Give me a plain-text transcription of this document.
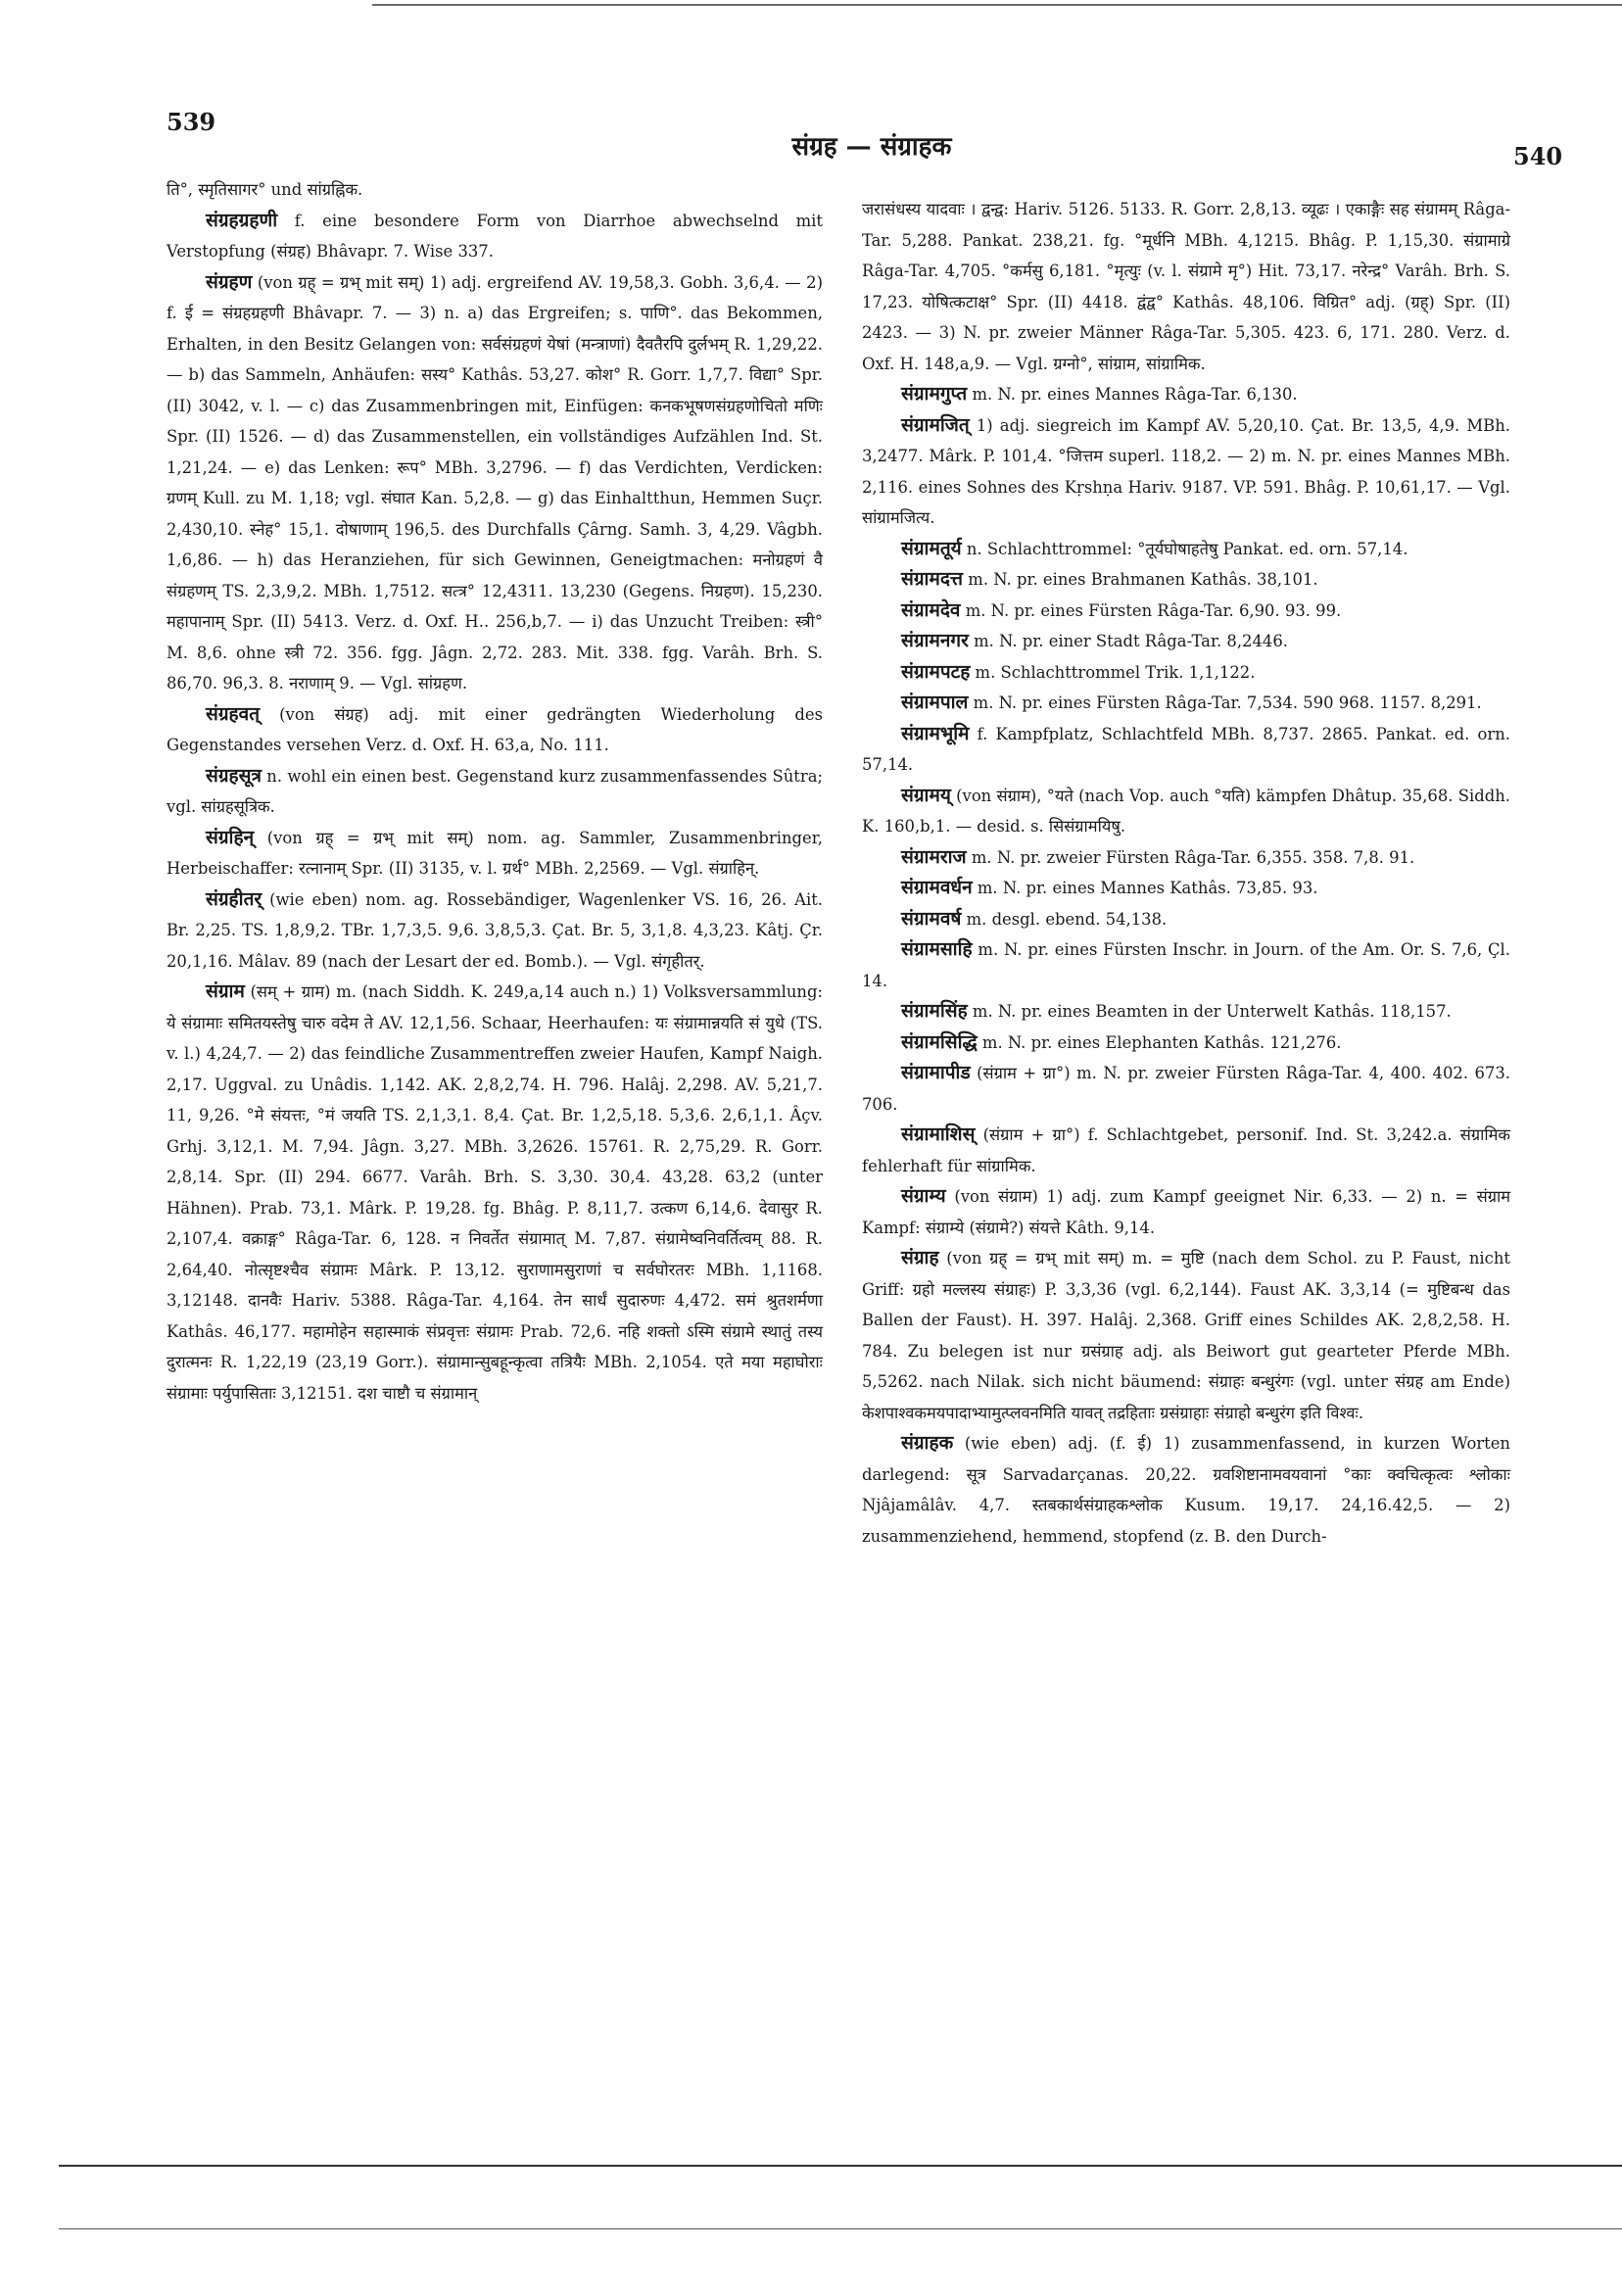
539
संग्रह — संग्राहक	540

ति°, स्मृतिसागर° und सांग्रह्निक.

संग्रहग्रहणी f. eine besondere Form von Diarrhoe abwechselnd mit Verstopfung (संग्रह) Bhâvapr. 7. Wise 337.

संग्रहण (von ग्रह् = ग्रभ् mit सम्) 1) adj. ergreifend AV. 19,58,3. Gobh. 3,6,4. — 2) f. ई = संग्रहग्रहणी Bhâvapr. 7. — 3) n. a) das Ergreifen; s. पाणि°. das Bekommen, Erhalten, in den Besitz Gelangen von: सर्वसंग्रहणं येषां (मन्त्राणां) दैवतैरपि दुर्लभम् R. 1,29,22. — b) das Sammeln, Anhäufen: सस्य° Kathâs. 53,27. कोश° R. Gorr. 1,7,7. विद्या° Spr. (II) 3042, v. l. — c) das Zusammenbringen mit, Einfügen: कनकभूषणसंग्रहणोचितो मणिः Spr. (II) 1526. — d) das Zusammenstellen, ein vollständiges Aufzählen Ind. St. 1,21,24. — e) das Lenken: रूप° MBh. 3,2796. — f) das Verdichten, Verdicken: ग्रणम् Kull. zu M. 1,18; vgl. संघात Kan. 5,2,8. — g) das Einhaltthun, Hemmen Suçr. 2,430,10. स्नेह° 15,1. दोषाणाम् 196,5. des Durchfalls Çârng. Samh. 3, 4,29. Vâgbh. 1,6,86. — h) das Heranziehen, für sich Gewinnen, Geneigtmachen: मनोग्रहणं वै संग्रहणम् TS. 2,3,9,2. MBh. 1,7512. सत्त्र° 12,4311. 13,230 (Gegens. निग्रहण). 15,230. महापानाम् Spr. (II) 5413. Verz. d. Oxf. H.. 256,b,7. — i) das Unzucht Treiben: स्त्री° M. 8,6. ohne स्त्री 72. 356. fgg. Jâgn. 2,72. 283. Mit. 338. fgg. Varâh. Brh. S. 86,70. 96,3. 8. नराणाम् 9. — Vgl. सांग्रहण.

संग्रहवत् (von संग्रह) adj. mit einer gedrängten Wiederholung des Gegenstandes versehen Verz. d. Oxf. H. 63,a, No. 111.

संग्रहसूत्र n. wohl ein einen best. Gegenstand kurz zusammenfassendes Sûtra; vgl. सांग्रहसूत्रिक.

संग्रहिन् (von ग्रह् = ग्रभ् mit सम्) nom. ag. Sammler, Zusammenbringer, Herbeischaffer: रत्नानाम् Spr. (II) 3135, v. l. ग्रर्थ° MBh. 2,2569. — Vgl. संग्राहिन्.

संग्रहीतर् (wie eben) nom. ag. Rossebändiger, Wagenlenker VS. 16, 26. Ait. Br. 2,25. TS. 1,8,9,2. TBr. 1,7,3,5. 9,6. 3,8,5,3. Çat. Br. 5, 3,1,8. 4,3,23. Kâtj. Çr. 20,1,16. Mâlav. 89 (nach der Lesart der ed. Bomb.). — Vgl. संगृहीतर्.

संग्राम (सम् + ग्राम) m. (nach Siddh. K. 249,a,14 auch n.) 1) Volksversammlung: ये संग्रामाः समितयस्तेषु चारु वदेम ते AV. 12,1,56. Schaar, Heerhaufen: यः संग्रामान्नयति सं युधे (TS. v. l.) 4,24,7. — 2) das feindliche Zusammentreffen zweier Haufen, Kampf Naigh. 2,17. Uggval. zu Unâdis. 1,142. AK. 2,8,2,74. H. 796. Halâj. 2,298. AV. 5,21,7. 11, 9,26. °मे संयत्तः, °मं जयति TS. 2,1,3,1. 8,4. Çat. Br. 1,2,5,18. 5,3,6. 2,6,1,1. Âçv. Grhj. 3,12,1. M. 7,94. Jâgn. 3,27. MBh. 3,2626. 15761. R. 2,75,29. R. Gorr. 2,8,14. Spr. (II) 294. 6677. Varâh. Brh. S. 3,30. 30,4. 43,28. 63,2 (unter Hähnen). Prab. 73,1. Mârk. P. 19,28. fg. Bhâg. P. 8,11,7. उत्कण 6,14,6. देवासुर R. 2,107,4. वक्राङ्ग° Râga-Tar. 6, 128. न निवर्तेत संग्रामात् M. 7,87. संग्रामेष्वनिवर्तित्वम् 88. R. 2,64,40. नोत्सृष्टश्चैव संग्रामः Mârk. P. 13,12. सुराणामसुराणां च सर्वघोरतरः MBh. 1,1168. 3,12148. दानवैः Hariv. 5388. Râga-Tar. 4,164. तेन सार्धं सुदारुणः 4,472. समं श्रुतशर्मणा Kathâs. 46,177. महामोहेन सहास्माकं संप्रवृत्तः संग्रामः Prab. 72,6. नहि शक्तो ऽस्मि संग्रामे स्थातुं तस्य दुरात्मनः R. 1,22,19 (23,19 Gorr.). संग्रामान्सुबहून्कृत्वा तत्रियैः MBh. 2,1054. एते मया महाघोराः संग्रामाः पर्युपासिताः 3,12151. दश चाष्टौ च संग्रामान्

जरासंधस्य यादवाः । द्वन्द्व: Hariv. 5126. 5133. R. Gorr. 2,8,13. व्यूढः । एकाङ्गैः सह संग्रामम् Râga-Tar. 5,288. Pankat. 238,21. fg. °मूर्धनि MBh. 4,1215. Bhâg. P. 1,15,30. संग्रामाग्रे Râga-Tar. 4,705. °कर्मसु 6,181. °मृत्युः (v. l. संग्रामे मृ°) Hit. 73,17. नरेन्द्र° Varâh. Brh. S. 17,23. योषित्कटाक्ष° Spr. (II) 4418. द्वंद्व° Kathâs. 48,106. विग्रित° adj. (ग्रह्) Spr. (II) 2423. — 3) N. pr. zweier Männer Râga-Tar. 5,305. 423. 6, 171. 280. Verz. d. Oxf. H. 148,a,9. — Vgl. ग्रग्नो°, सांग्राम, सांग्रामिक.

संग्रामगुप्त m. N. pr. eines Mannes Râga-Tar. 6,130.

संग्रामजित् 1) adj. siegreich im Kampf AV. 5,20,10. Çat. Br. 13,5, 4,9. MBh. 3,2477. Mârk. P. 101,4. °जित्तम superl. 118,2. — 2) m. N. pr. eines Mannes MBh. 2,116. eines Sohnes des Kṛshṇa Hariv. 9187. VP. 591. Bhâg. P. 10,61,17. — Vgl. सांग्रामजित्य.

संग्रामतूर्य n. Schlachttrommel: °तूर्यघोषाहतेषु Pankat. ed. orn. 57,14.

संग्रामदत्त m. N. pr. eines Brahmanen Kathâs. 38,101.

संग्रामदेव m. N. pr. eines Fürsten Râga-Tar. 6,90. 93. 99.

संग्रामनगर m. N. pr. einer Stadt Râga-Tar. 8,2446.

संग्रामपटह m. Schlachttrommel Trik. 1,1,122.

संग्रामपाल m. N. pr. eines Fürsten Râga-Tar. 7,534. 590 968. 1157. 8,291.

संग्रामभूमि f. Kampfplatz, Schlachtfeld MBh. 8,737. 2865. Pankat. ed. orn. 57,14.

संग्रामय् (von संग्राम), °यते (nach Vop. auch °यति) kämpfen Dhâtup. 35,68. Siddh. K. 160,b,1. — desid. s. सिसंग्रामयिषु.

संग्रामराज m. N. pr. zweier Fürsten Râga-Tar. 6,355. 358. 7,8. 91.

संग्रामवर्धन m. N. pr. eines Mannes Kathâs. 73,85. 93.

संग्रामवर्ष m. desgl. ebend. 54,138.

संग्रामसाहि m. N. pr. eines Fürsten Inschr. in Journ. of the Am. Or. S. 7,6, Çl. 14.

संग्रामसिंह m. N. pr. eines Beamten in der Unterwelt Kathâs. 118,157.

संग्रामसिद्धि m. N. pr. eines Elephanten Kathâs. 121,276.

संग्रामापीड (संग्राम + ग्रा°) m. N. pr. zweier Fürsten Râga-Tar. 4, 400. 402. 673. 706.

संग्रामाशिस् (संग्राम + ग्रा°) f. Schlachtgebet, personif. Ind. St. 3,242.a. संग्रामिक fehlerhaft für सांग्रामिक.

संग्राम्य (von संग्राम) 1) adj. zum Kampf geeignet Nir. 6,33. — 2) n. = संग्राम Kampf: संग्राम्ये (संग्रामे?) संयत्ते Kâth. 9,14.

संग्राह (von ग्रह् = ग्रभ् mit सम्) m. = मुष्टि (nach dem Schol. zu P. Faust, nicht Griff: ग्रहो मल्लस्य संग्राहः) P. 3,3,36 (vgl. 6,2,144). Faust AK. 3,3,14 (= मुष्टिबन्ध das Ballen der Faust). H. 397. Halâj. 2,368. Griff eines Schildes AK. 2,8,2,58. H. 784. Zu belegen ist nur ग्रसंग्राह adj. als Beiwort gut gearteter Pferde MBh. 5,5262. nach Nilak. sich nicht bäumend: संग्राहः बन्धुरंगः (vgl. unter संग्रह am Ende) केशपाश्वकमयपादाभ्यामुत्प्लवनमिति यावत् तद्रहिताः ग्रसंग्राहाः संग्राहो बन्धुरंग इति विश्वः.

संग्राहक (wie eben) adj. (f. ई) 1) zusammenfassend, in kurzen Worten darlegend: सूत्र Sarvadarçanas. 20,22. ग्रवशिष्टानामवयवानां °काः क्वचित्कृत्वः श्लोकाः Njâjamâlâv. 4,7. स्तबकार्थसंग्राहकश्लोक Kusum. 19,17. 24,16.42,5. — 2) zusammenziehend, hemmend, stopfend (z. B. den Durch-
